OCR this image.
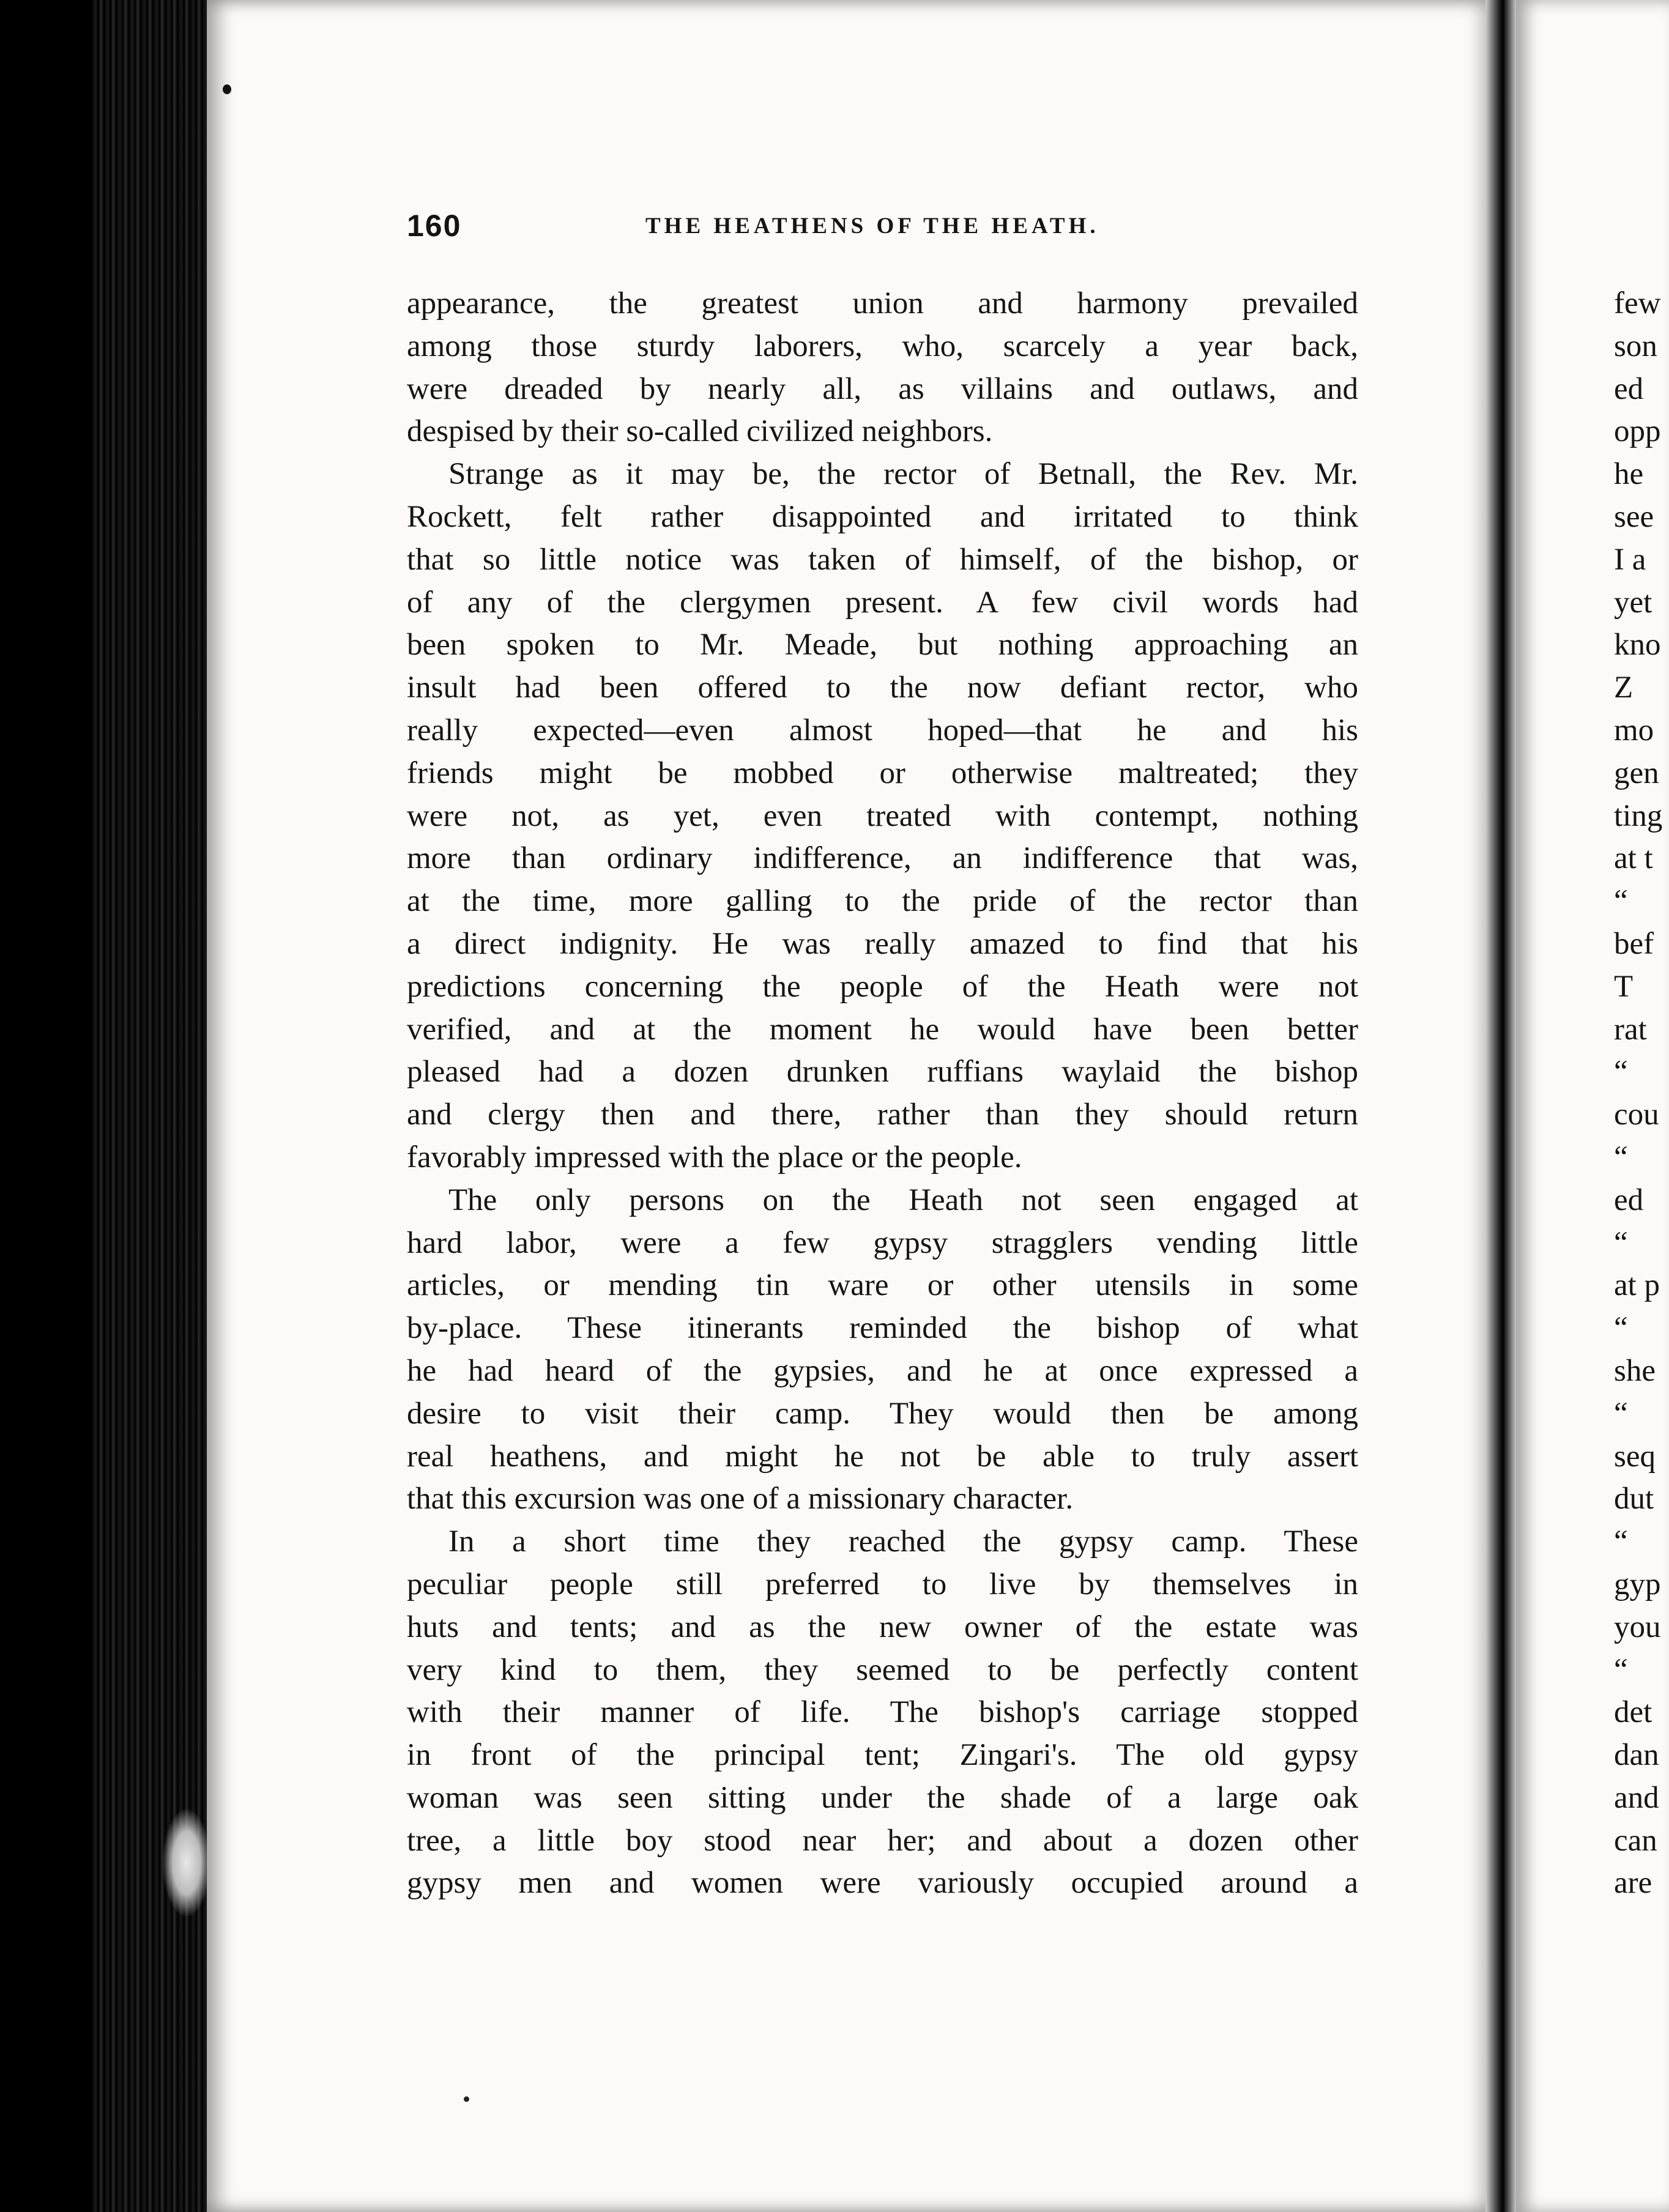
160	THE HEATHENS OF THE HEATH.
appearance, the greatest union and harmony prevailed
among those sturdy laborers, who, scarcely a year back,
were dreaded by nearly all, as villains and outlaws, and
despised by their so-called civilized neighbors.
Strange as it may be, the rector of Betnall, the Rev. Mr.
Rockett, felt rather disappointed and irritated to think
that so little notice was taken of himself, of the bishop, or
of any of the clergymen present. A few civil words had
been spoken to Mr. Meade, but nothing approaching an
insult had been offered to the now defiant rector, who
really expected—even almost hoped—that he and his
friends might be mobbed or otherwise maltreated; they
were not, as yet, even treated with contempt, nothing
more than ordinary indifference, an indifference that was,
at the time, more galling to the pride of the rector than
a direct indignity. He was really amazed to find that his
predictions concerning the people of the Heath were not
verified, and at the moment he would have been better
pleased had a dozen drunken ruffians waylaid the bishop
and clergy then and there, rather than they should return
favorably impressed with the place or the people.
The only persons on the Heath not seen engaged at
hard labor, were a few gypsy stragglers vending little
articles, or mending tin ware or other utensils in some
by-place. These itinerants reminded the bishop of what
he had heard of the gypsies, and he at once expressed a
desire to visit their camp. They would then be among
real heathens, and might he not be able to truly assert
that this excursion was one of a missionary character.
In a short time they reached the gypsy camp. These
peculiar people still preferred to live by themselves in
huts and tents; and as the new owner of the estate was
very kind to them, they seemed to be perfectly content
with their manner of life. The bishop's carriage stopped
in front of the principal tent; Zingari's. The old gypsy
woman was seen sitting under the shade of a large oak
tree, a little boy stood near her; and about a dozen other
gypsy men and women were variously occupied around a
few
son
ed
opp
he
see
I a
yet
kno
Z
mo
gen
ting
at t
“
bef
T
rat
“
cou
“
ed
“
at p
“
she
“
seq
dut
“
gyp
you
“
det
dan
and
can
are
